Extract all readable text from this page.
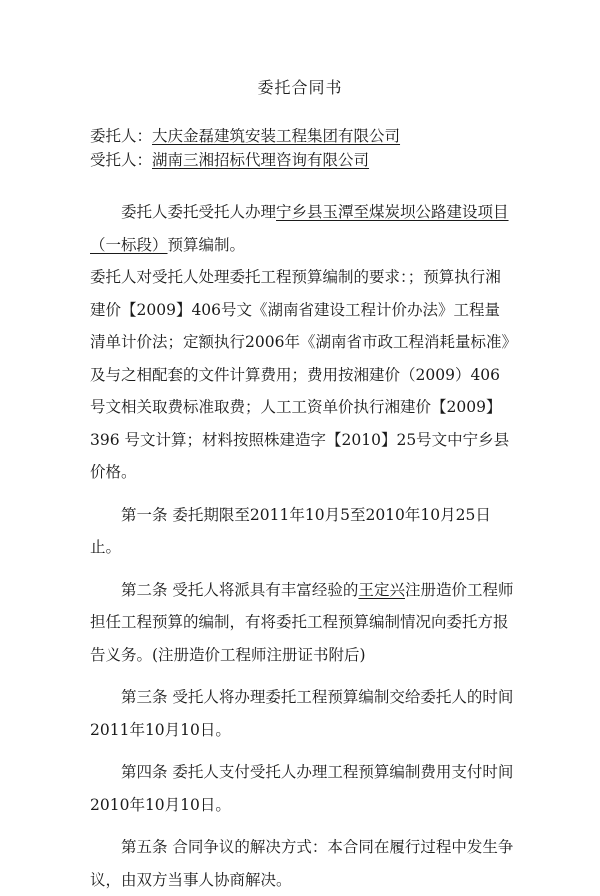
委托合同书
委托人：大庆金磊建筑安装工程集团有限公司
受托人：湖南三湘招标代理咨询有限公司

委托人委托受托人办理宁乡县玉潭至煤炭坝公路建设项目（一标段）预算编制。

委托人对受托人处理委托工程预算编制的要求：；预算执行湘建价【2009】406号文《湖南省建设工程计价办法》工程量清单计价法；定额执行2006年《湖南省市政工程消耗量标准》及与之相配套的文件计算费用；费用按湘建价（2009）406号文相关取费标准取费；人工工资单价执行湘建价【2009】396 号文计算；材料按照株建造字【2010】25号文中宁乡县价格。

第一条 委托期限至2011年10月5至2010年10月25日止。

第二条 受托人将派具有丰富经验的王定兴注册造价工程师担任工程预算的编制，有将委托工程预算编制情况向委托方报告义务。(注册造价工程师注册证书附后)

第三条 受托人将办理委托工程预算编制交给委托人的时间2011年10月10日。

第四条 委托人支付受托人办理工程预算编制费用支付时间2010年10月10日。

第五条 合同争议的解决方式：本合同在履行过程中发生争议，由双方当事人协商解决。
